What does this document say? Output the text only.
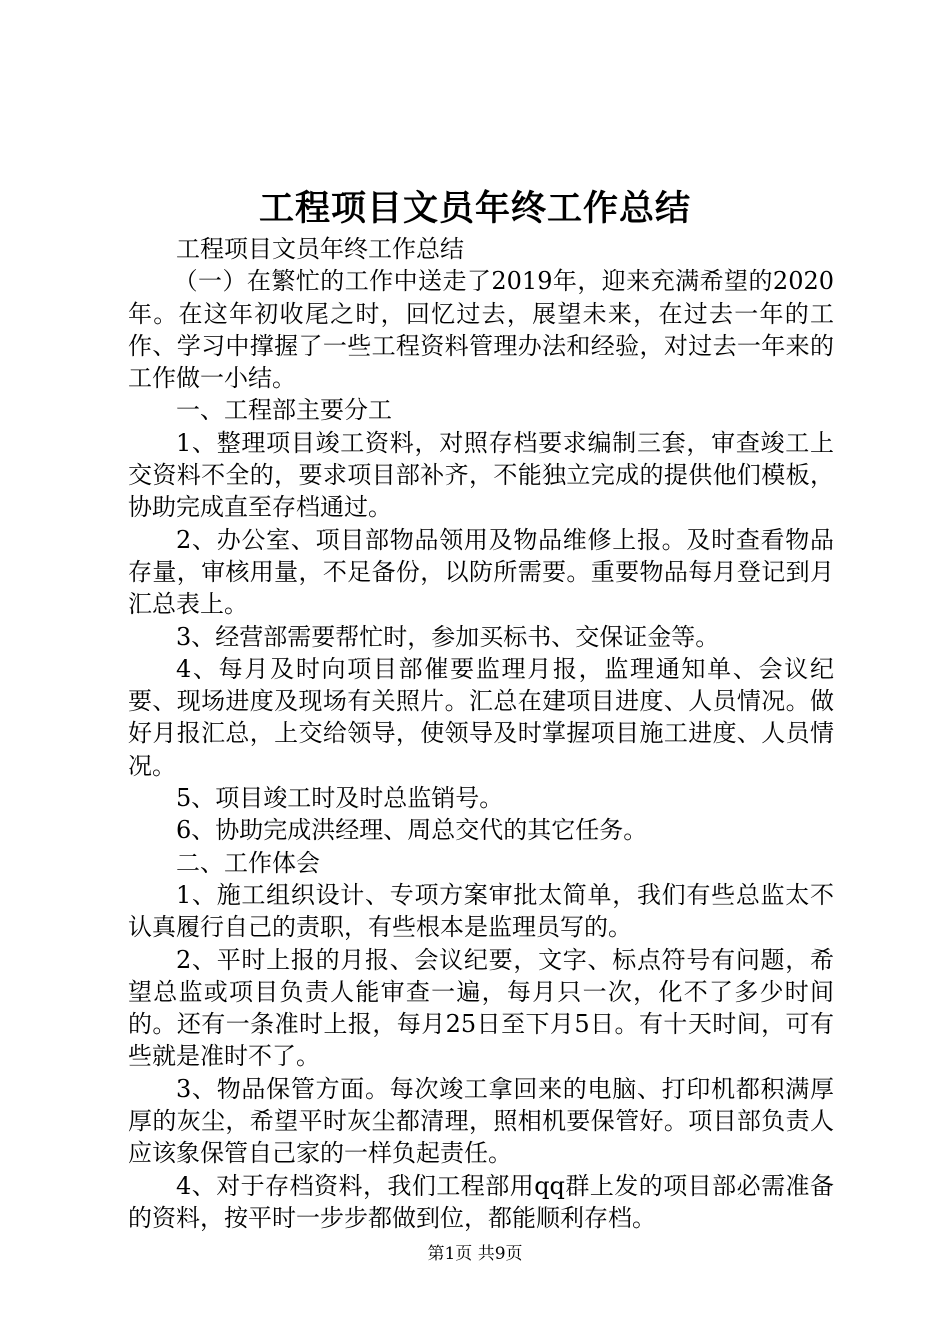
工程项目文员年终工作总结

工程项目文员年终工作总结

（一）在繁忙的工作中送走了2019年，迎来充满希望的2020年。在这年初收尾之时，回忆过去，展望未来，在过去一年的工作、学习中撑握了一些工程资料管理办法和经验，对过去一年来的工作做一小结。

一、工程部主要分工

1、整理项目竣工资料，对照存档要求编制三套，审查竣工上交资料不全的，要求项目部补齐，不能独立完成的提供他们模板，协助完成直至存档通过。

2、办公室、项目部物品领用及物品维修上报。及时查看物品存量，审核用量，不足备份，以防所需要。重要物品每月登记到月汇总表上。

3、经营部需要帮忙时，参加买标书、交保证金等。

4、每月及时向项目部催要监理月报，监理通知单、会议纪要、现场进度及现场有关照片。汇总在建项目进度、人员情况。做好月报汇总，上交给领导，使领导及时掌握项目施工进度、人员情况。

5、项目竣工时及时总监销号。

6、协助完成洪经理、周总交代的其它任务。

二、工作体会

1、施工组织设计、专项方案审批太简单，我们有些总监太不认真履行自己的责职，有些根本是监理员写的。

2、平时上报的月报、会议纪要，文字、标点符号有问题，希望总监或项目负责人能审查一遍，每月只一次，化不了多少时间的。还有一条准时上报，每月25日至下月5日。有十天时间，可有些就是准时不了。

3、物品保管方面。每次竣工拿回来的电脑、打印机都积满厚厚的灰尘，希望平时灰尘都清理，照相机要保管好。项目部负责人应该象保管自己家的一样负起责任。

4、对于存档资料，我们工程部用qq群上发的项目部必需准备的资料，按平时一步步都做到位，都能顺利存档。

第1页 共9页
